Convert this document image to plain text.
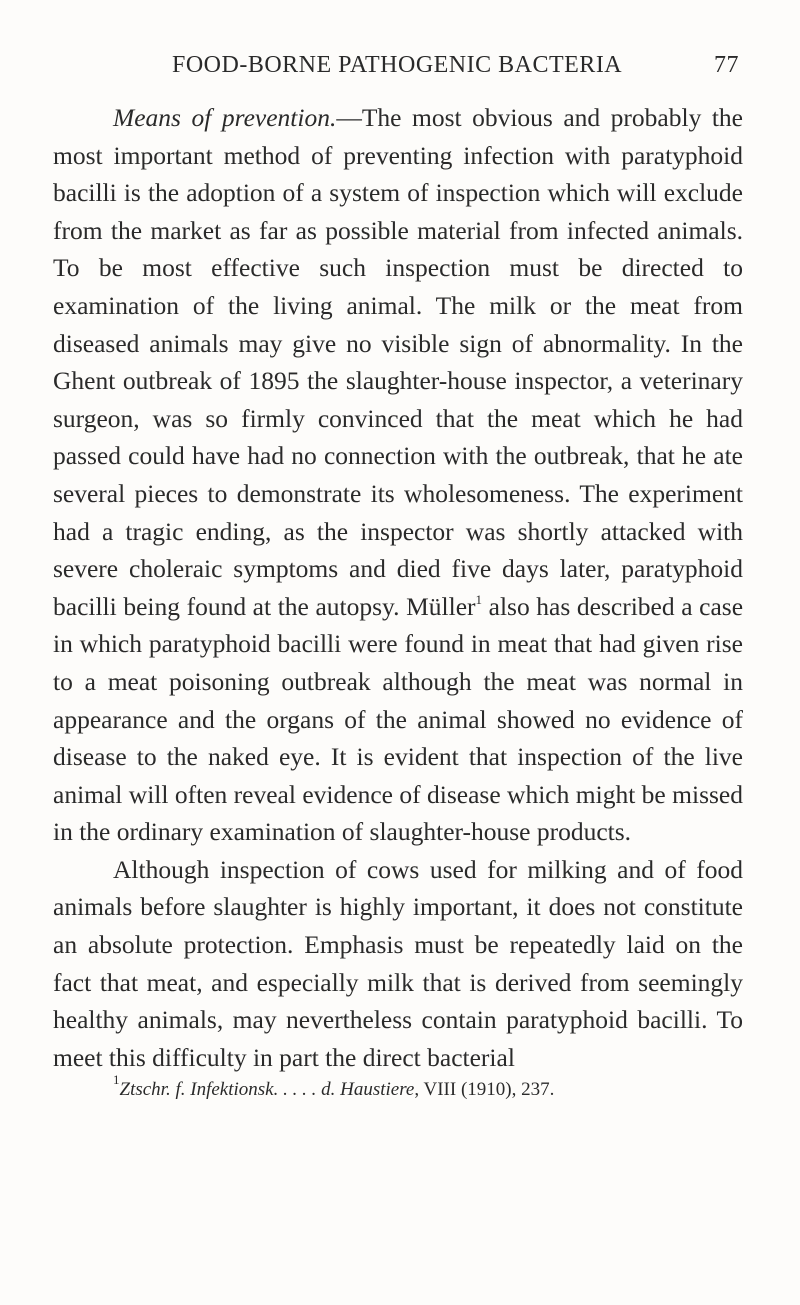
FOOD-BORNE PATHOGENIC BACTERIA	77

Means of prevention.—The most obvious and probably the most important method of preventing infection with paratyphoid bacilli is the adoption of a system of inspection which will exclude from the market as far as possible material from infected animals. To be most effective such inspection must be directed to examination of the living animal. The milk or the meat from diseased animals may give no visible sign of abnormality. In the Ghent outbreak of 1895 the slaughter-house inspector, a veterinary surgeon, was so firmly convinced that the meat which he had passed could have had no connection with the outbreak, that he ate several pieces to demonstrate its wholesomeness. The experiment had a tragic ending, as the inspector was shortly attacked with severe choleraic symptoms and died five days later, paratyphoid bacilli being found at the autopsy. Müller$^1$ also has described a case in which paratyphoid bacilli were found in meat that had given rise to a meat poisoning outbreak although the meat was normal in appearance and the organs of the animal showed no evidence of disease to the naked eye. It is evident that inspection of the live animal will often reveal evidence of disease which might be missed in the ordinary examination of slaughter-house products.

Although inspection of cows used for milking and of food animals before slaughter is highly important, it does not constitute an absolute protection. Emphasis must be repeatedly laid on the fact that meat, and especially milk that is derived from seemingly healthy animals, may nevertheless contain paratyphoid bacilli. To meet this difficulty in part the direct bacterial

$^1$Ztschr. f. Infektionsk. . . . . d. Haustiere, VIII (1910), 237.
